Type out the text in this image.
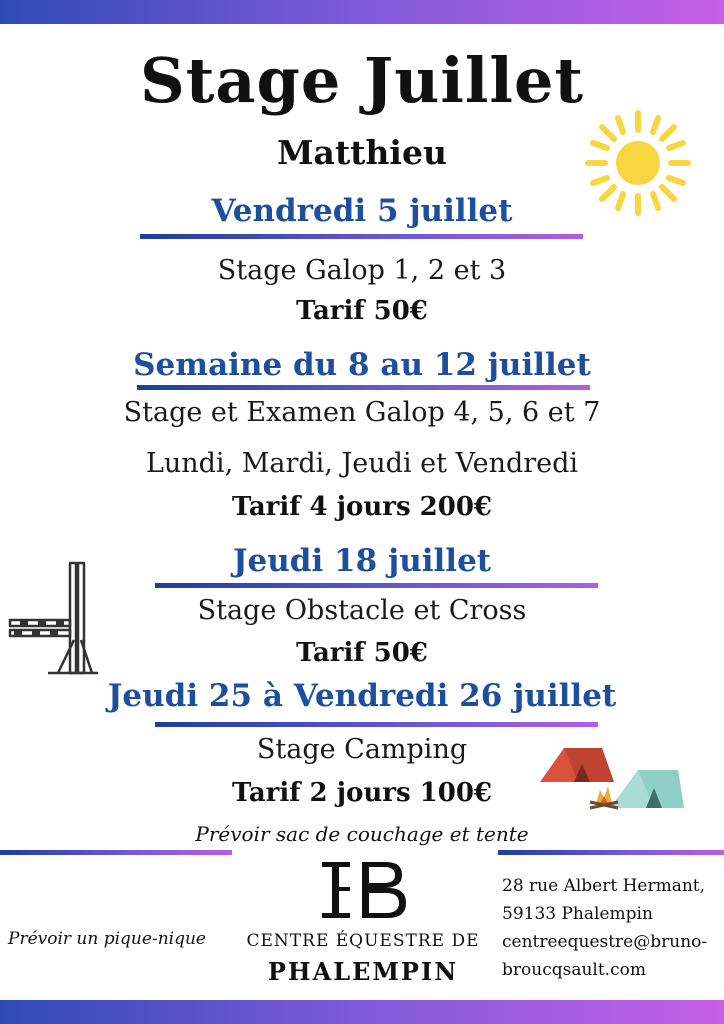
Stage Juillet
Matthieu
Vendredi 5 juillet
Stage Galop 1, 2 et 3
Tarif 50€
Semaine du 8 au 12 juillet
Stage et Examen Galop 4, 5, 6 et 7
Lundi, Mardi, Jeudi et Vendredi
Tarif 4 jours 200€
Jeudi 18 juillet
Stage Obstacle et Cross
Tarif 50€
Jeudi 25 à Vendredi 26 juillet
Stage Camping
Tarif 2 jours 100€
Prévoir sac de couchage et tente
Prévoir un pique-nique CENTRE ÉQUESTRE DE
PHALEMPIN
28 rue Albert Hermant,
59133 Phalempin
centreequestre@bruno-
broucqsault.com
